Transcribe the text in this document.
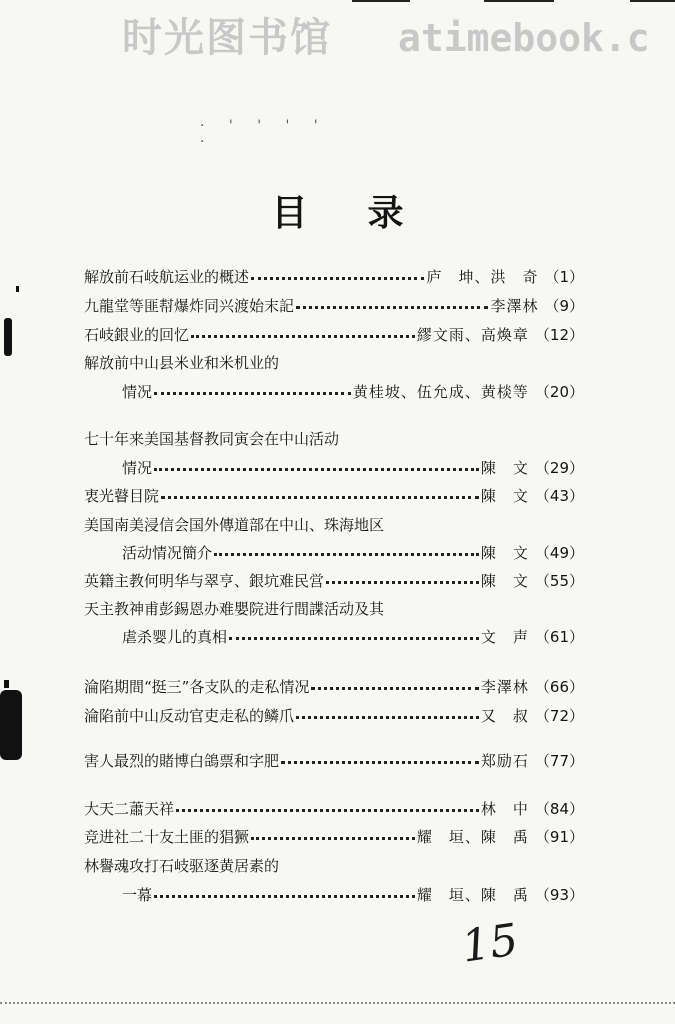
时光图书馆 atimebook.c
· ' ' ' ' ·
目录
解放前石岐航运业的概述	庐　坤、洪　奇 （1）
九龍堂等匪幇爆炸同兴渡始末記	李澤林 （9）
石岐銀业的回忆	繆文雨、高煥章 （12）
解放前中山县米业和米机业的
情况	黄桂坡、伍允成、黄棪等 （20）
七十年来美国基督教同寅会在中山活动
情况	陳　文 （29）
衷光瞽目院	陳　文 （43）
美国南美浸信会国外傳道部在中山、珠海地区
活动情况簡介	陳　文 （49）
英籍主教何明华与翠亨、銀坑难民営	陳　文 （55）
天主教神甫彭錫恩办难嬰院进行間諜活动及其
虐杀婴儿的真相	文　声 （61）
淪陷期間“挺三”各支队的走私情况	李澤林 （66）
淪陷前中山反动官吏走私的鳞爪	又　叔 （72）
害人最烈的賭博白鴿票和字肥	郑励石 （77）
大天二蕭天祥	林　中 （84）
竞进社二十友土匪的猖獗	耀　垣、陳　禹 （91）
林譽魂攻打石岐驱逐黄居素的
一幕	耀　垣、陳　禹 （93）
15
